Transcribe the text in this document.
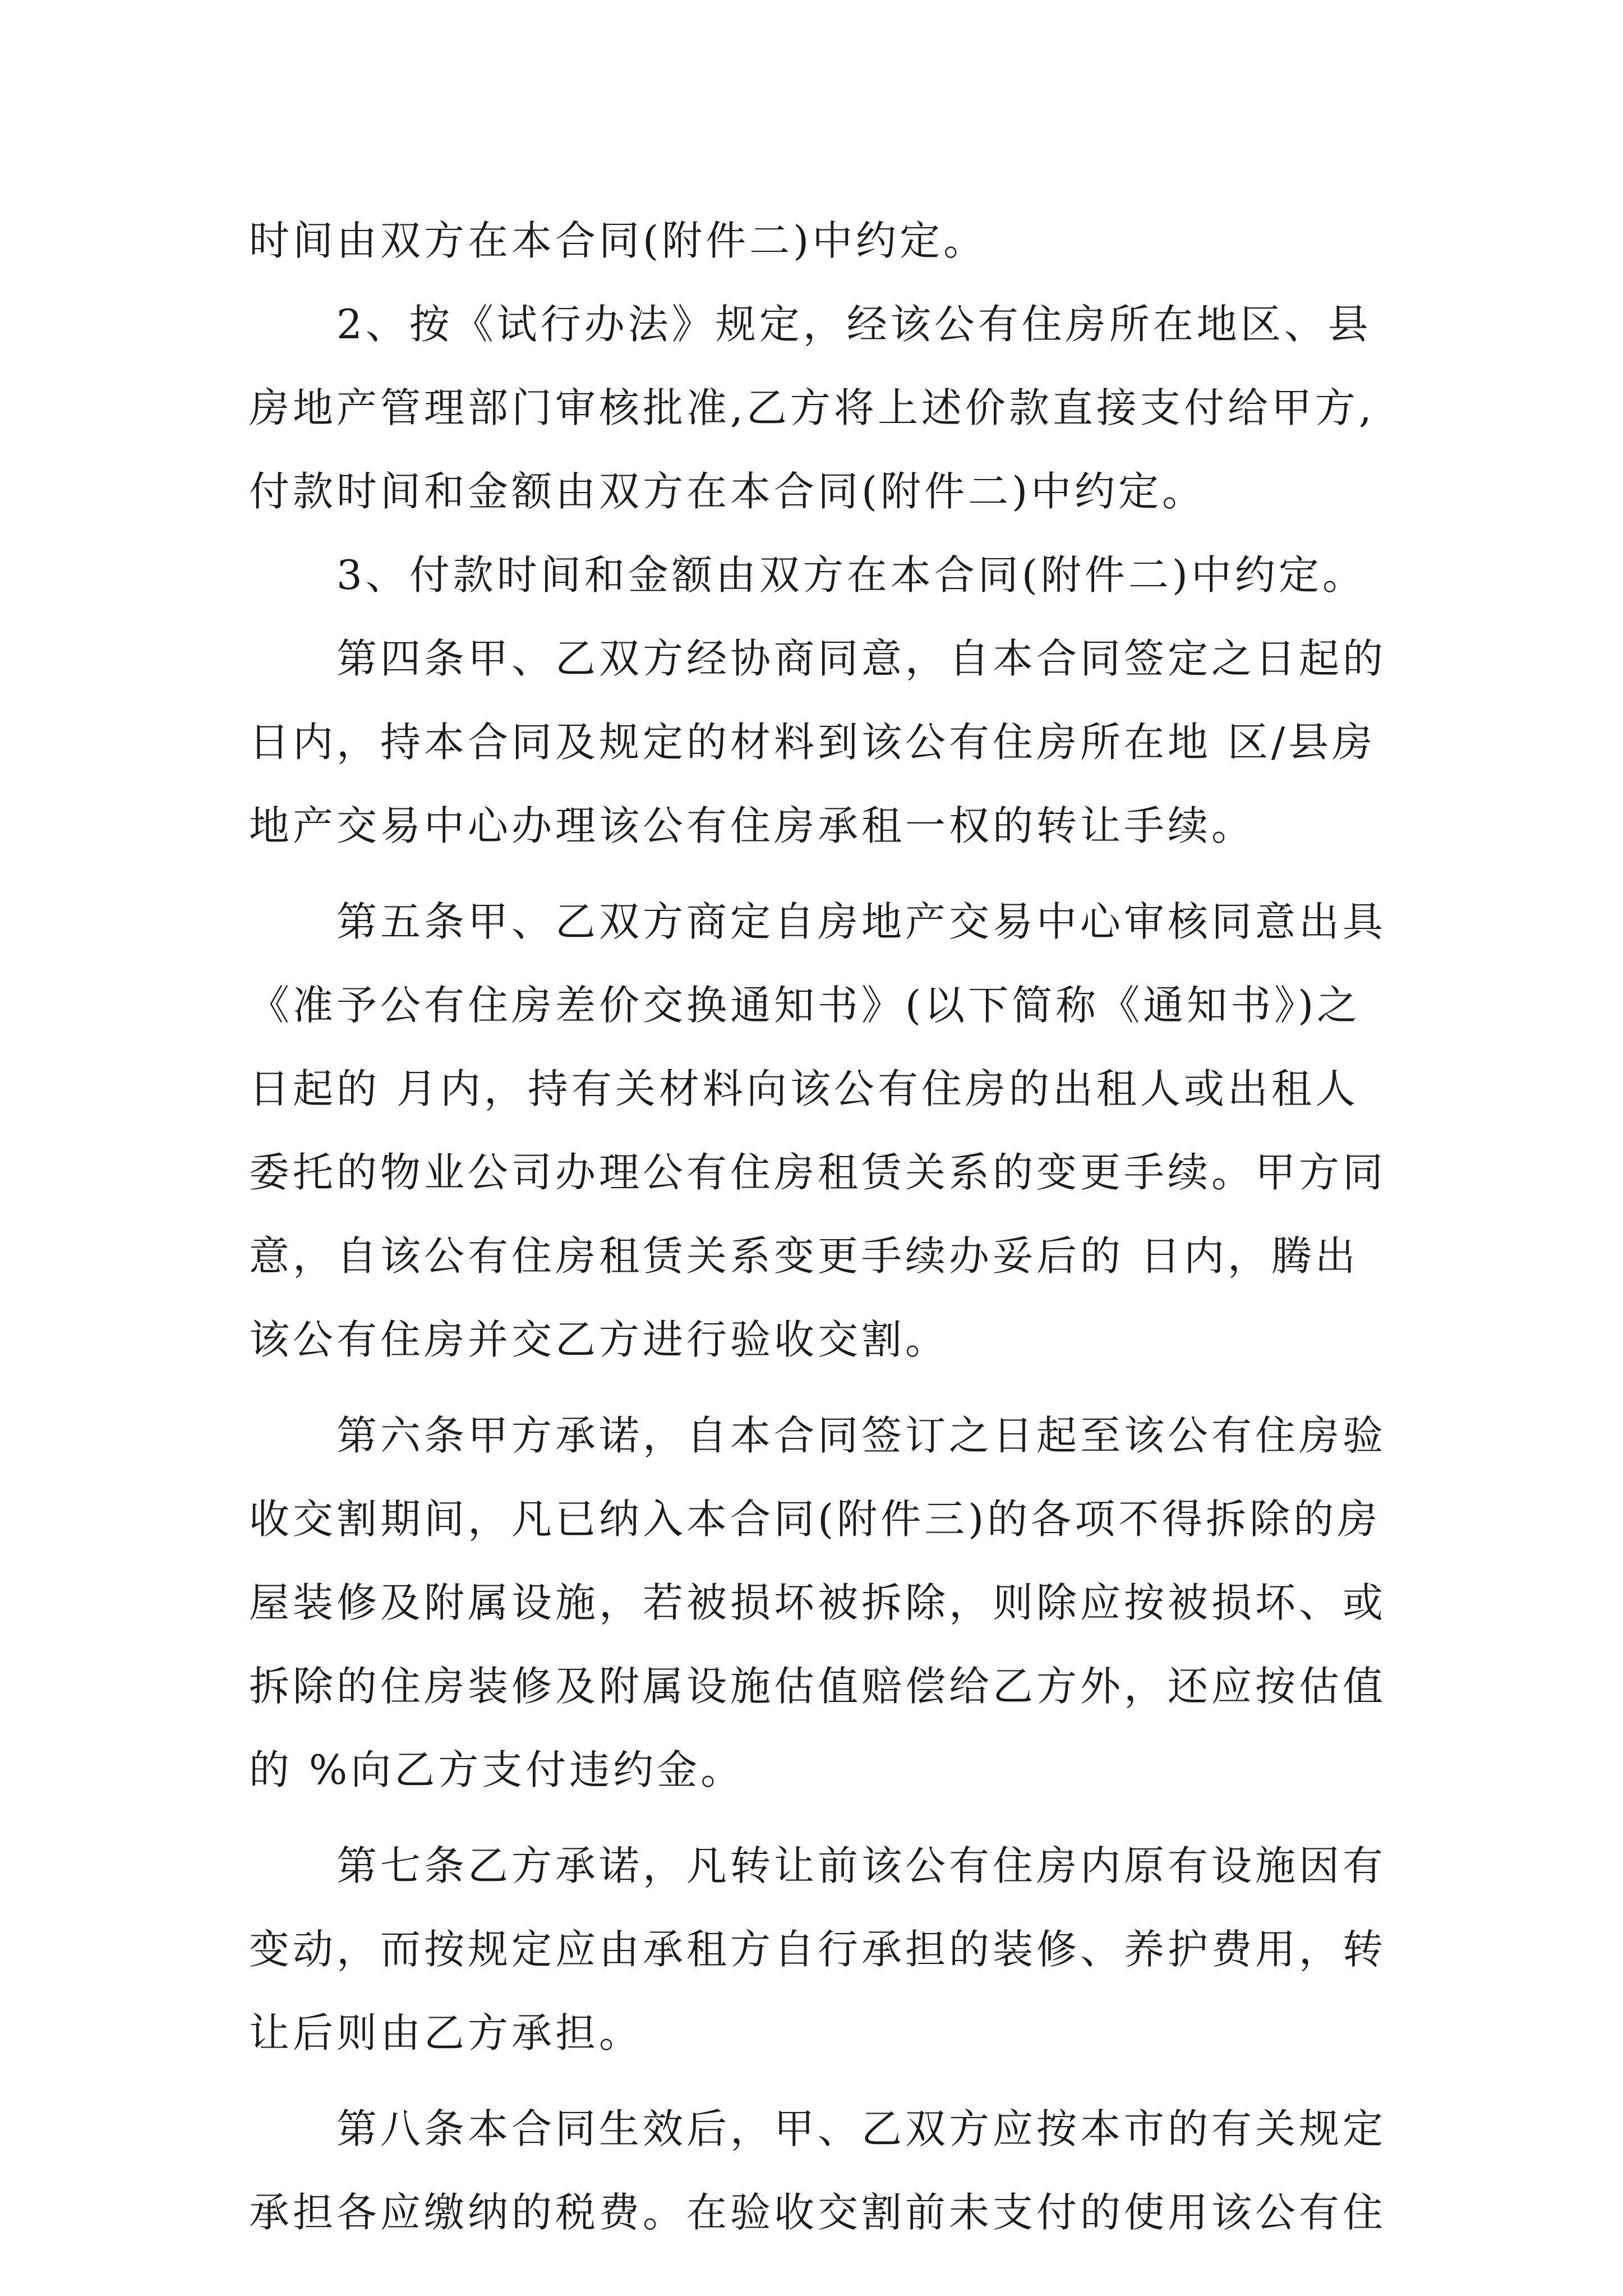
时间由双方在本合同(附件二)中约定。
2、按《试行办法》规定，经该公有住房所在地区、县
房地产管理部门审核批准,乙方将上述价款直接支付给甲方,
付款时间和金额由双方在本合同(附件二)中约定。
3、付款时间和金额由双方在本合同(附件二)中约定。
第四条甲、乙双方经协商同意，自本合同签定之日起的
日内，持本合同及规定的材料到该公有住房所在地 区/县房
地产交易中心办理该公有住房承租一权的转让手续。
第五条甲、乙双方商定自房地产交易中心审核同意出具
《准予公有住房差价交换通知书》(以下简称《通知书》)之
日起的 月内，持有关材料向该公有住房的出租人或出租人
委托的物业公司办理公有住房租赁关系的变更手续。甲方同
意，自该公有住房租赁关系变更手续办妥后的 日内，腾出
该公有住房并交乙方进行验收交割。
第六条甲方承诺，自本合同签订之日起至该公有住房验
收交割期间，凡已纳入本合同(附件三)的各项不得拆除的房
屋装修及附属设施，若被损坏被拆除，则除应按被损坏、或
拆除的住房装修及附属设施估值赔偿给乙方外，还应按估值
的 %向乙方支付违约金。
第七条乙方承诺，凡转让前该公有住房内原有设施因有
变动，而按规定应由承租方自行承担的装修、养护费用，转
让后则由乙方承担。
第八条本合同生效后，甲、乙双方应按本市的有关规定
承担各应缴纳的税费。在验收交割前未支付的使用该公有住
